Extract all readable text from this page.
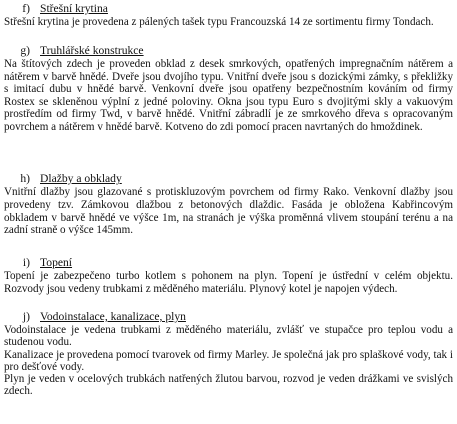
f) Střešní krytina
Střešní krytina je provedena z pálených tašek typu Francouzská 14 ze sortimentu firmy Tondach.
g) Truhlářské konstrukce
Na štítových zdech je proveden obklad z desek smrkových, opatřených impregnačním nátěrem a nátěrem v barvě hnědé. Dveře jsou dvojího typu. Vnitřní dveře jsou s dozickými zámky, s překližky s imitací dubu v hnědé barvě. Venkovní dveře jsou opatřeny bezpečnostním kováním od firmy Rostex se skleněnou výplní z jedné poloviny. Okna jsou typu Euro s dvojitými skly a vakuovým prostředím od firmy Twd, v barvě hnědé. Vnitřní zábradlí je ze smrkového dřeva s opracovaným povrchem a nátěrem v hnědé barvě. Kotveno do zdi pomocí pracen navrtaných do hmoždinek.
h) Dlažby a obklady
Vnitřní dlažby jsou glazované s protiskluzovým povrchem od firmy Rako. Venkovní dlažby jsou provedeny tzv. Zámkovou dlažbou z betonových dlaždic. Fasáda je obložena Kabřincovým obkladem v barvě hnědé ve výšce 1m, na stranách je výška proměnná vlivem stoupání terénu a na zadní straně o výšce 145mm.
i) Topení
Topení je zabezpečeno turbo kotlem s pohonem na plyn. Topení je ústřední v celém objektu. Rozvody jsou vedeny trubkami z měděného materiálu. Plynový kotel je napojen výdech.
j) Vodoinstalace, kanalizace, plyn
Vodoinstalace je vedena trubkami z měděného materiálu, zvlášť ve stupačce pro teplou vodu a studenou vodu.
Kanalizace je provedena pomocí tvarovek od firmy Marley. Je společná jak pro splaškové vody, tak i pro dešťové vody.
Plyn je veden v ocelových trubkách natřených žlutou barvou, rozvod je veden drážkami ve svislých zdech.
